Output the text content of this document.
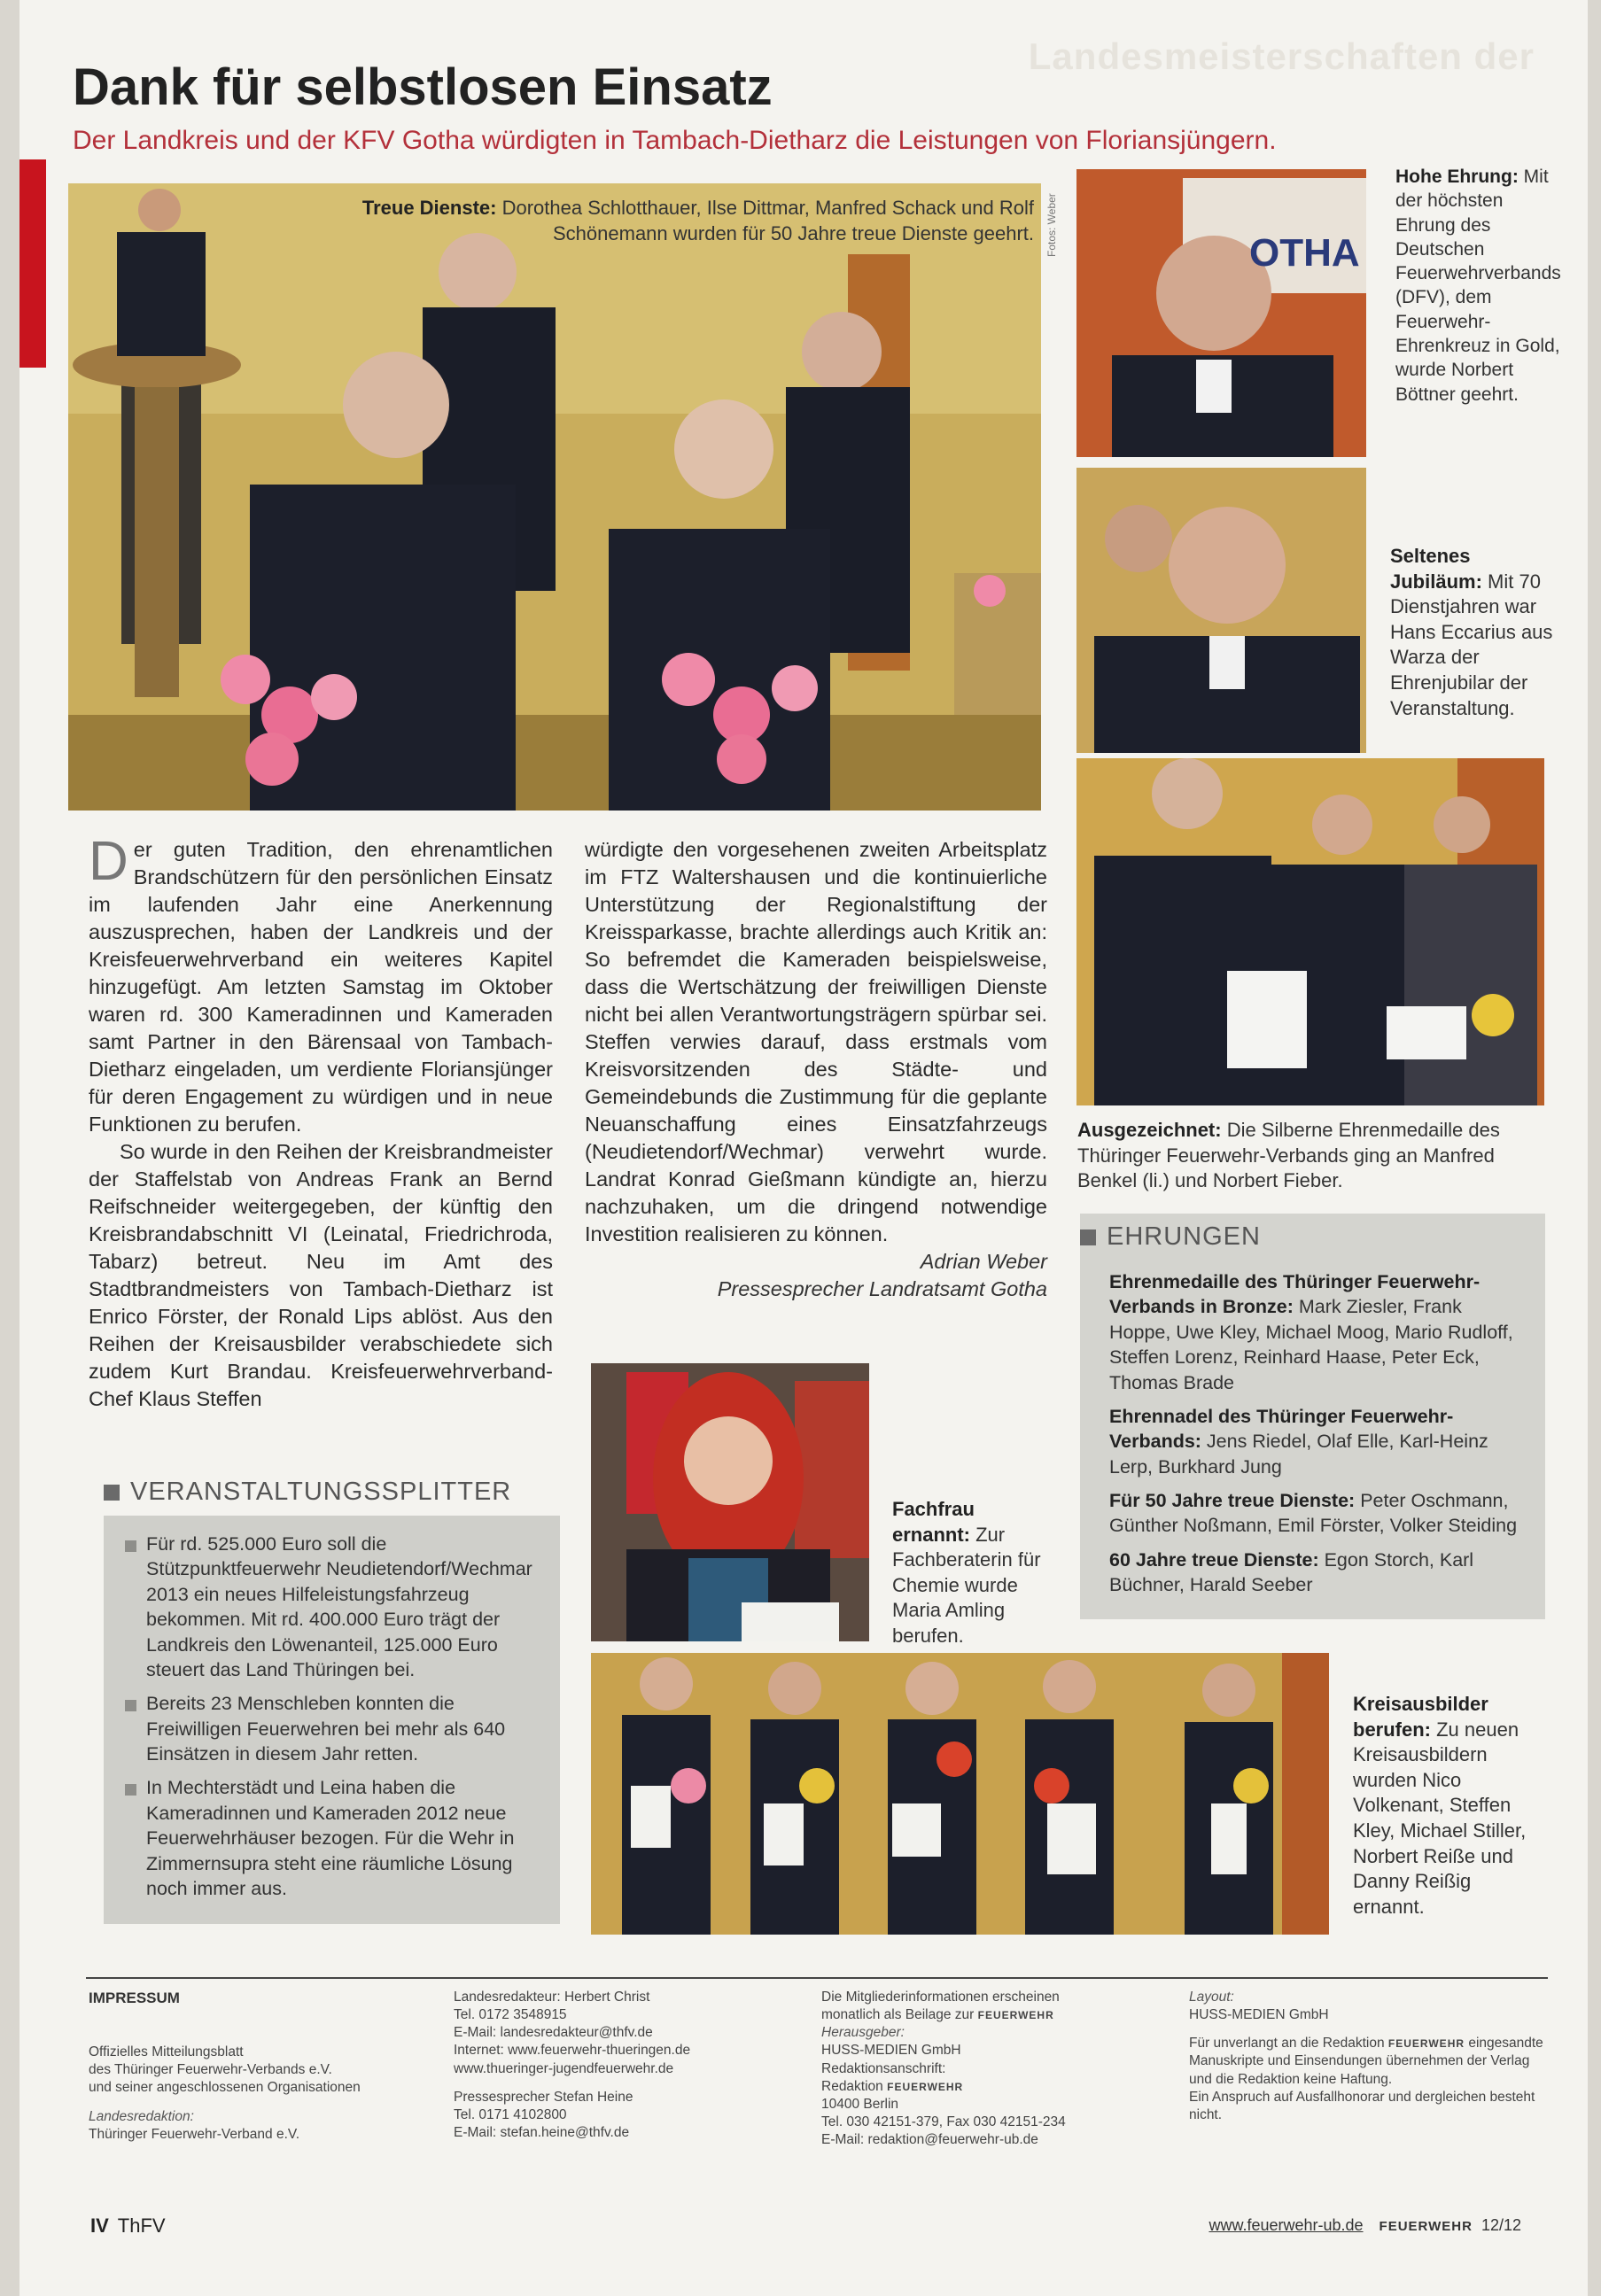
Landesmeisterschaften der
Dank für selbstlosen Einsatz

Der Landkreis und der KFV Gotha würdigten in Tambach-Dietharz die Leistungen von Floriansjüngern.

Treue Dienste: Dorothea Schlotthauer, Ilse Dittmar, Manfred Schack und Rolf Schönemann wurden für 50 Jahre treue Dienste geehrt. Fotos: Weber	OTHA
Hohe Ehrung: Mit der höchsten Ehrung des Deutschen Feuerwehrverbands (DFV), dem Feuerwehr-Ehrenkreuz in Gold, wurde Norbert Böttner geehrt.
Seltenes Jubiläum: Mit 70 Dienstjahren war Hans Eccarius aus Warza der Ehrenjubilar der Veranstaltung.
Ausgezeichnet: Die Silberne Ehrenmedaille des Thüringer Feuerwehr-Verbands ging an Manfred Benkel (li.) und Norbert Fieber.

Der guten Tradition, den ehrenamtlichen Brandschützern für den persönlichen Einsatz im laufenden Jahr eine Anerkennung auszusprechen, haben der Landkreis und der Kreisfeuerwehrverband ein weiteres Kapitel hinzugefügt. Am letzten Samstag im Oktober waren rd. 300 Kameradinnen und Kameraden samt Partner in den Bärensaal von Tambach-Dietharz eingeladen, um verdiente Floriansjünger für deren Engagement zu würdigen und in neue Funktionen zu berufen.

So wurde in den Reihen der Kreisbrandmeister der Staffelstab von Andreas Frank an Bernd Reifschneider weitergegeben, der künftig den Kreisbrandabschnitt VI (Leinatal, Friedrichroda, Tabarz) betreut. Neu im Amt des Stadtbrandmeisters von Tambach-Dietharz ist Enrico Förster, der Ronald Lips ablöst. Aus den Reihen der Kreisausbilder verabschiedete sich zudem Kurt Brandau. Kreisfeuerwehrverband-Chef Klaus Steffen

würdigte den vorgesehenen zweiten Arbeitsplatz im FTZ Waltershausen und die kontinuierliche Unterstützung der Regionalstiftung der Kreissparkasse, brachte allerdings auch Kritik an: So befremdet die Kameraden beispielsweise, dass die Wertschätzung der freiwilligen Dienste nicht bei allen Verantwortungsträgern spürbar sei. Steffen verwies darauf, dass erstmals vom Kreisvorsitzenden des Städte- und Gemeindebunds die Zustimmung für die geplante Neuanschaffung eines Einsatzfahrzeugs (Neudietendorf/Wechmar) verwehrt wurde. Landrat Konrad Gießmann kündigte an, hierzu nachzuhaken, um die dringend notwendige Investition realisieren zu können.

Adrian Weber

Pressesprecher Landratsamt Gotha

VERANSTALTUNGSSPLITTER
Für rd. 525.000 Euro soll die Stützpunktfeuerwehr Neudietendorf/Wechmar 2013 ein neues Hilfeleistungsfahrzeug bekommen. Mit rd. 400.000 Euro trägt der Landkreis den Löwenanteil, 125.000 Euro steuert das Land Thüringen bei.
Bereits 23 Menschleben konnten die Freiwilligen Feuerwehren bei mehr als 640 Einsätzen in diesem Jahr retten.
In Mechterstädt und Leina haben die Kameradinnen und Kameraden 2012 neue Feuerwehrhäuser bezogen. Für die Wehr in Zimmernsupra steht eine räumliche Lösung noch immer aus.
Fachfrau ernannt: Zur Fachberaterin für Chemie wurde Maria Amling berufen.
EHRUNGEN
Ehrenmedaille des Thüringer Feuerwehr-Verbands in Bronze: Mark Ziesler, Frank Hoppe, Uwe Kley, Michael Moog, Mario Rudloff, Steffen Lorenz, Reinhard Haase, Peter Eck, Thomas Brade
Ehrennadel des Thüringer Feuerwehr-Verbands: Jens Riedel, Olaf Elle, Karl-Heinz Lerp, Burkhard Jung
Für 50 Jahre treue Dienste: Peter Oschmann, Günther Noßmann, Emil Förster, Volker Steiding
60 Jahre treue Dienste: Egon Storch, Karl Büchner, Harald Seeber
Kreisausbilder berufen: Zu neuen Kreisausbildern wurden Nico Volkenant, Steffen Kley, Michael Stiller, Norbert Reiße und Danny Reißig ernannt.
IMPRESSUM
Offizielles Mitteilungsblatt
des Thüringer Feuerwehr-Verbands e.V.
und seiner angeschlossenen Organisationen
Landesredaktion:
Thüringer Feuerwehr-Verband e.V.
Landesredakteur: Herbert Christ
Tel. 0172 3548915
E-Mail: landesredakteur@thfv.de
Internet: www.feuerwehr-thueringen.de
www.thueringer-jugendfeuerwehr.de
Pressesprecher Stefan Heine
Tel. 0171 4102800
E-Mail: stefan.heine@thfv.de
Die Mitgliederinformationen erscheinen
monatlich als Beilage zur FEUERWEHR
Herausgeber:
HUSS-MEDIEN GmbH
Redaktionsanschrift:
Redaktion FEUERWEHR
10400 Berlin
Tel. 030 42151-379, Fax 030 42151-234
E-Mail: redaktion@feuerwehr-ub.de
Layout:
HUSS-MEDIEN GmbH
Für unverlangt an die Redaktion FEUERWEHR eingesandte Manuskripte und Einsendungen übernehmen der Verlag und die Redaktion keine Haftung.
Ein Anspruch auf Ausfallhonorar und dergleichen besteht nicht.
IV ThFV	www.feuerwehr-ub.de FEUERWEHR 12/12
